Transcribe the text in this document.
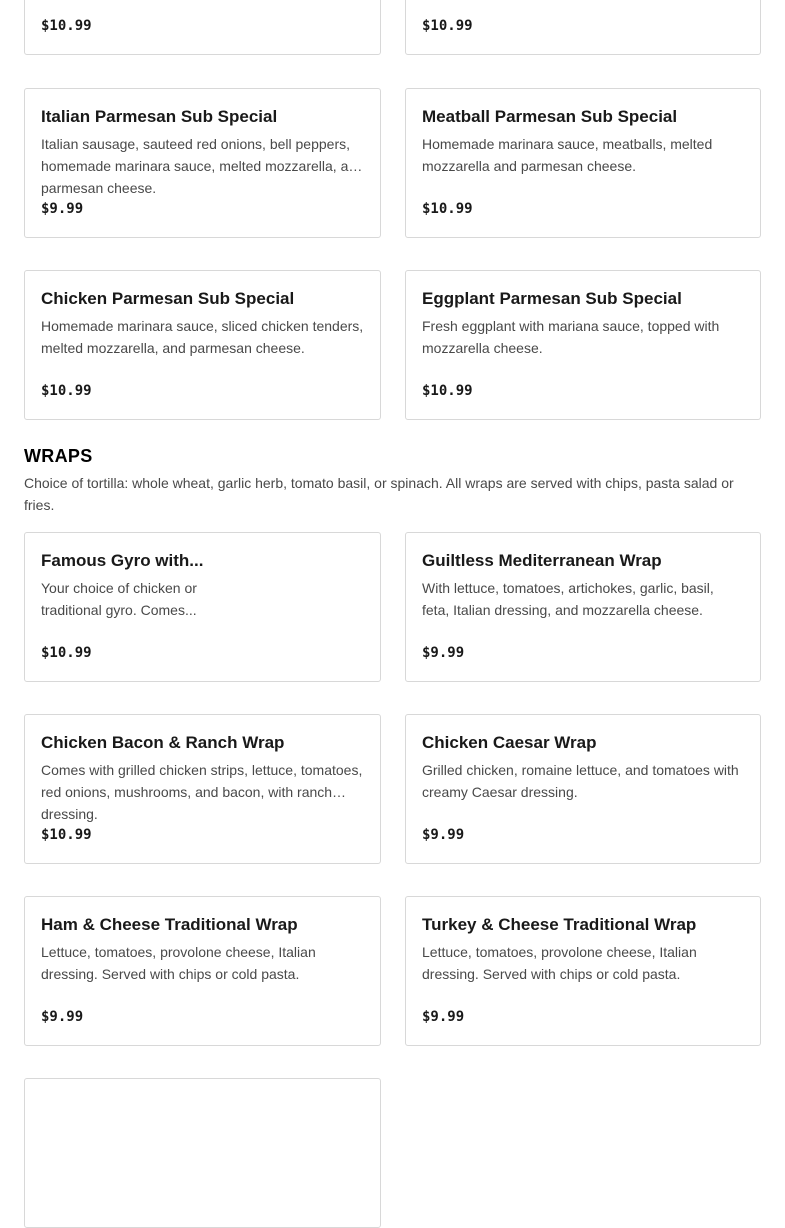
$10.99	$10.99
Italian Parmesan Sub Special
Italian sausage, sauteed red onions, bell peppers, homemade marinara sauce, melted mozzarella, and parmesan cheese.
$9.99
Meatball Parmesan Sub Special
Homemade marinara sauce, meatballs, melted mozzarella and parmesan cheese.
$10.99
Chicken Parmesan Sub Special
Homemade marinara sauce, sliced chicken tenders, melted mozzarella, and parmesan cheese.
$10.99
Eggplant Parmesan Sub Special
Fresh eggplant with mariana sauce, topped with mozzarella cheese.
$10.99
WRAPS

Choice of tortilla: whole wheat, garlic herb, tomato basil, or spinach. All wraps are served with chips, pasta salad or fries.

Famous Gyro with...
Your choice of chicken or traditional gyro. Comes...
$10.99
Guiltless Mediterranean Wrap
With lettuce, tomatoes, artichokes, garlic, basil, feta, Italian dressing, and mozzarella cheese.
$9.99
Chicken Bacon & Ranch Wrap
Comes with grilled chicken strips, lettuce, tomatoes, red onions, mushrooms, and bacon, with ranch dressing.
$10.99
Chicken Caesar Wrap
Grilled chicken, romaine lettuce, and tomatoes with creamy Caesar dressing.
$9.99
Ham & Cheese Traditional Wrap
Lettuce, tomatoes, provolone cheese, Italian dressing. Served with chips or cold pasta.
$9.99
Turkey & Cheese Traditional Wrap
Lettuce, tomatoes, provolone cheese, Italian dressing. Served with chips or cold pasta.
$9.99
